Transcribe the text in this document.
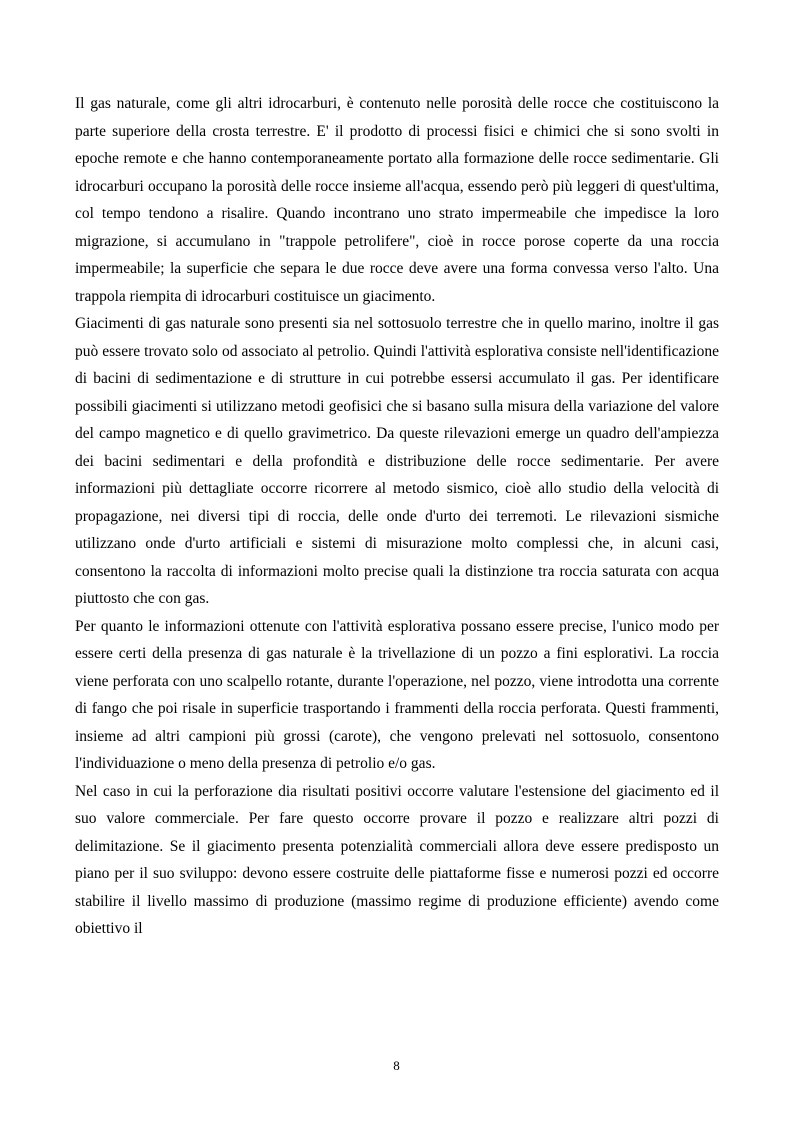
Il gas naturale, come gli altri idrocarburi, è contenuto nelle porosità delle rocce che costituiscono la parte superiore della crosta terrestre. E' il prodotto di processi fisici e chimici che si sono svolti in epoche remote e che hanno contemporaneamente portato alla formazione delle rocce sedimentarie. Gli idrocarburi occupano la porosità delle rocce insieme all'acqua, essendo però più leggeri di quest'ultima, col tempo tendono a risalire. Quando incontrano uno strato impermeabile che impedisce la loro migrazione, si accumulano in "trappole petrolifere", cioè in rocce porose coperte da una roccia impermeabile; la superficie che separa le due rocce deve avere una forma convessa verso l'alto. Una trappola riempita di idrocarburi costituisce un giacimento.

Giacimenti di gas naturale sono presenti sia nel sottosuolo terrestre che in quello marino, inoltre il gas può essere trovato solo od associato al petrolio. Quindi l'attività esplorativa consiste nell'identificazione di bacini di sedimentazione e di strutture in cui potrebbe essersi accumulato il gas. Per identificare possibili giacimenti si utilizzano metodi geofisici che si basano sulla misura della variazione del valore del campo magnetico e di quello gravimetrico. Da queste rilevazioni emerge un quadro dell'ampiezza dei bacini sedimentari e della profondità e distribuzione delle rocce sedimentarie. Per avere informazioni più dettagliate occorre ricorrere al metodo sismico, cioè allo studio della velocità di propagazione, nei diversi tipi di roccia, delle onde d'urto dei terremoti. Le rilevazioni sismiche utilizzano onde d'urto artificiali e sistemi di misurazione molto complessi che, in alcuni casi, consentono la raccolta di informazioni molto precise quali la distinzione tra roccia saturata con acqua piuttosto che con gas.

Per quanto le informazioni ottenute con l'attività esplorativa possano essere precise, l'unico modo per essere certi della presenza di gas naturale è la trivellazione di un pozzo a fini esplorativi. La roccia viene perforata con uno scalpello rotante, durante l'operazione, nel pozzo, viene introdotta una corrente di fango che poi risale in superficie trasportando i frammenti della roccia perforata. Questi frammenti, insieme ad altri campioni più grossi (carote), che vengono prelevati nel sottosuolo, consentono l'individuazione o meno della presenza di petrolio e/o gas.

Nel caso in cui la perforazione dia risultati positivi occorre valutare l'estensione del giacimento ed il suo valore commerciale. Per fare questo occorre provare il pozzo e realizzare altri pozzi di delimitazione. Se il giacimento presenta potenzialità commerciali allora deve essere predisposto un piano per il suo sviluppo: devono essere costruite delle piattaforme fisse e numerosi pozzi ed occorre stabilire il livello massimo di produzione (massimo regime di produzione efficiente) avendo come obiettivo il

8
